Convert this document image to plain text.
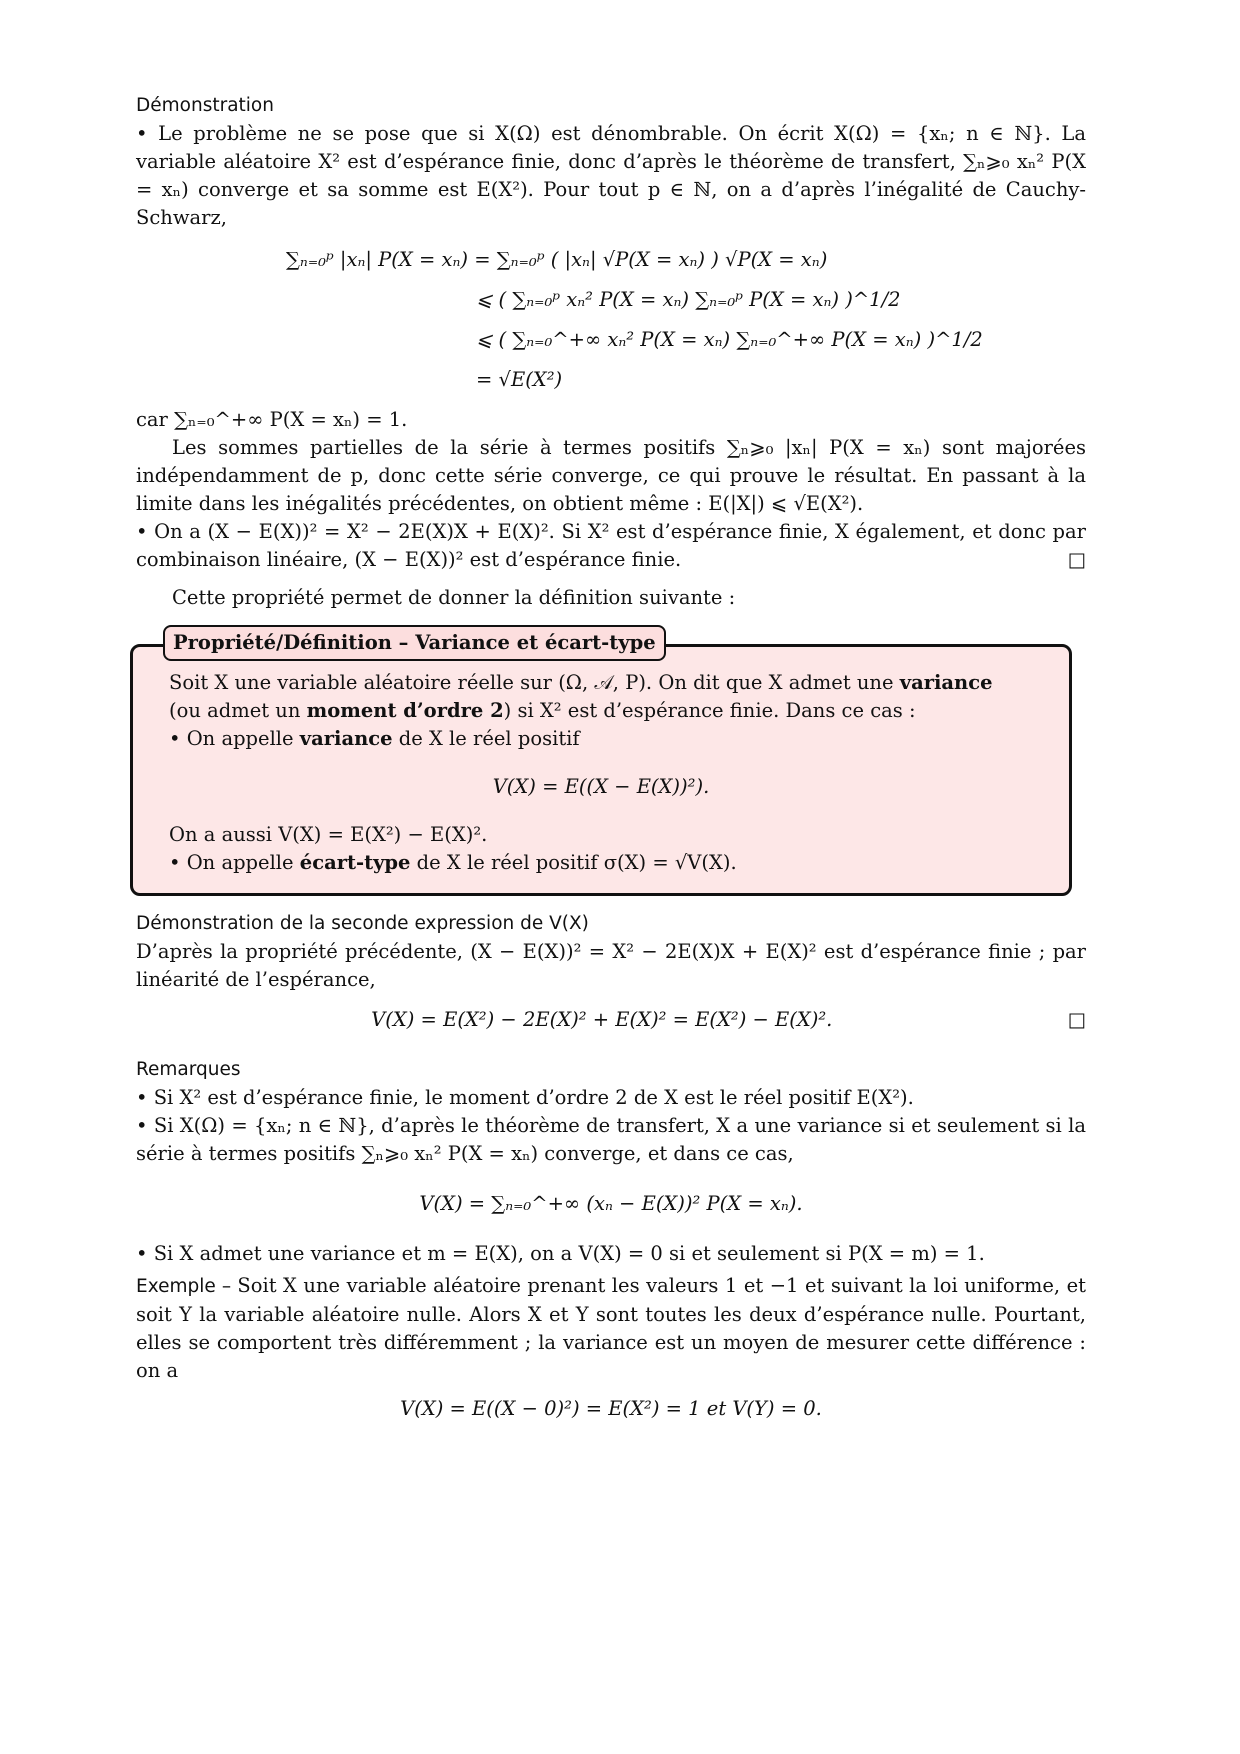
Démonstration

• Le problème ne se pose que si X(Ω) est dénombrable. On écrit X(Ω) = {xₙ; n ∈ ℕ}. La variable aléatoire X² est d’espérance finie, donc d’après le théorème de transfert, ∑ₙ⩾₀ xₙ² P(X = xₙ) converge et sa somme est E(X²). Pour tout p ∈ ℕ, on a d’après l’inégalité de Cauchy-Schwarz,

∑ₙ₌₀ᵖ |xₙ| P(X = xₙ) = ∑ₙ₌₀ᵖ ( |xₙ| √P(X = xₙ) ) √P(X = xₙ)
⩽ ( ∑ₙ₌₀ᵖ xₙ² P(X = xₙ) ∑ₙ₌₀ᵖ P(X = xₙ) )^1/2
⩽ ( ∑ₙ₌₀^+∞ xₙ² P(X = xₙ) ∑ₙ₌₀^+∞ P(X = xₙ) )^1/2
= √E(X²)

car ∑ₙ₌₀^+∞ P(X = xₙ) = 1.

Les sommes partielles de la série à termes positifs ∑ₙ⩾₀ |xₙ| P(X = xₙ) sont majorées indépendamment de p, donc cette série converge, ce qui prouve le résultat. En passant à la limite dans les inégalités précédentes, on obtient même : E(|X|) ⩽ √E(X²).

• On a (X − E(X))² = X² − 2E(X)X + E(X)². Si X² est d’espérance finie, X également, et donc par combinaison linéaire, (X − E(X))² est d’espérance finie.	□

Cette propriété permet de donner la définition suivante :

Propriété/Définition – Variance et écart-type

Soit X une variable aléatoire réelle sur (Ω, 𝒜, P). On dit que X admet une variance

(ou admet un moment d’ordre 2) si X² est d’espérance finie. Dans ce cas :

• On appelle variance de X le réel positif

V(X) = E((X − E(X))²).

On a aussi V(X) = E(X²) − E(X)².

• On appelle écart-type de X le réel positif σ(X) = √V(X).

Démonstration de la seconde expression de V(X)

D’après la propriété précédente, (X − E(X))² = X² − 2E(X)X + E(X)² est d’espérance finie ; par linéarité de l’espérance,

V(X) = E(X²) − 2E(X)² + E(X)² = E(X²) − E(X)².	□
Remarques

• Si X² est d’espérance finie, le moment d’ordre 2 de X est le réel positif E(X²).

• Si X(Ω) = {xₙ; n ∈ ℕ}, d’après le théorème de transfert, X a une variance si et seulement si la série à termes positifs ∑ₙ⩾₀ xₙ² P(X = xₙ) converge, et dans ce cas,

V(X) = ∑ₙ₌₀^+∞ (xₙ − E(X))² P(X = xₙ).

• Si X admet une variance et m = E(X), on a V(X) = 0 si et seulement si P(X = m) = 1.

Exemple – Soit X une variable aléatoire prenant les valeurs 1 et −1 et suivant la loi uniforme, et soit Y la variable aléatoire nulle. Alors X et Y sont toutes les deux d’espérance nulle. Pourtant, elles se comportent très différemment ; la variance est un moyen de mesurer cette différence : on a

V(X) = E((X − 0)²) = E(X²) = 1 et V(Y) = 0.
